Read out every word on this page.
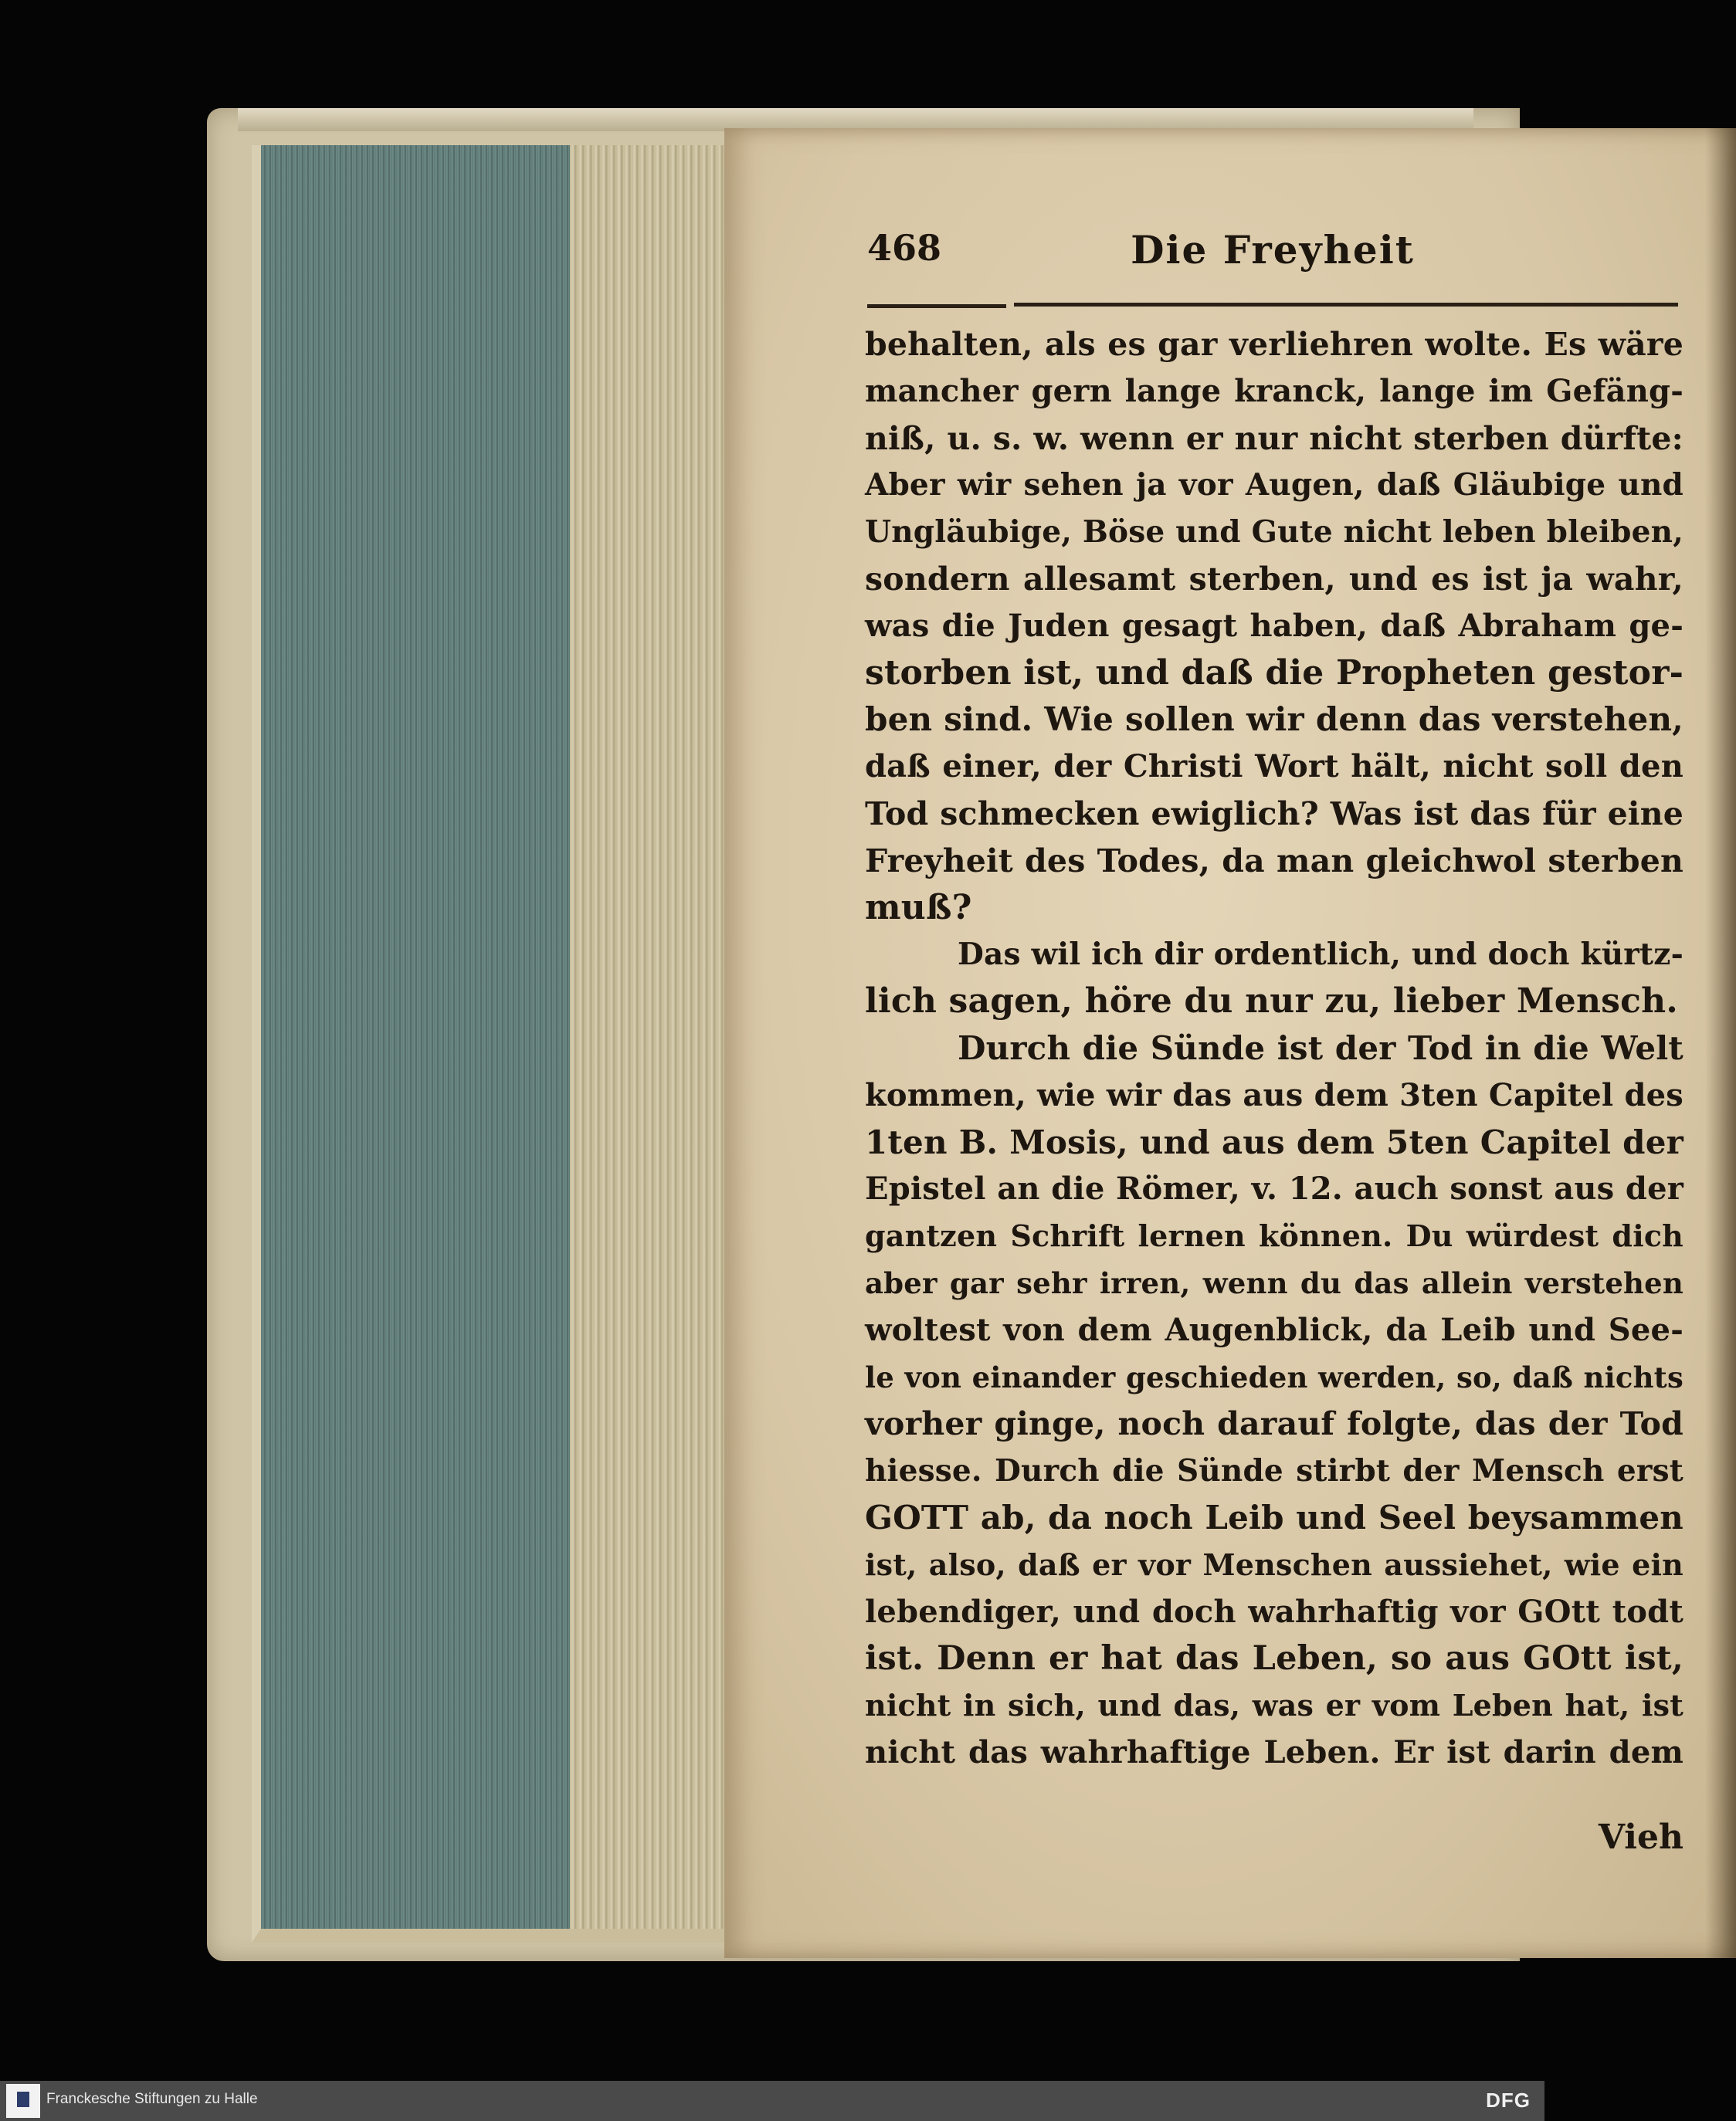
468	Die Freyheit
behalten, als es gar verliehren wolte. Es wäre
mancher gern lange kranck, lange im Gefäng-
niß, u. s. w. wenn er nur nicht sterben dürfte:
Aber wir sehen ja vor Augen, daß Gläubige und
Ungläubige, Böse und Gute nicht leben bleiben,
sondern allesamt sterben, und es ist ja wahr,
was die Juden gesagt haben, daß Abraham ge-
storben ist, und daß die Propheten gestor-
ben sind. Wie sollen wir denn das verstehen,
daß einer, der Christi Wort hält, nicht soll den
Tod schmecken ewiglich? Was ist das für eine
Freyheit des Todes, da man gleichwol sterben
muß?
Das wil ich dir ordentlich, und doch kürtz-
lich sagen, höre du nur zu, lieber Mensch.
Durch die Sünde ist der Tod in die Welt
kommen, wie wir das aus dem 3ten Capitel des
1ten B. Mosis, und aus dem 5ten Capitel der
Epistel an die Römer, v. 12. auch sonst aus der
gantzen Schrift lernen können. Du würdest dich
aber gar sehr irren, wenn du das allein verstehen
woltest von dem Augenblick, da Leib und See-
le von einander geschieden werden, so, daß nichts
vorher ginge, noch darauf folgte, das der Tod
hiesse. Durch die Sünde stirbt der Mensch erst
GOTT ab, da noch Leib und Seel beysammen
ist, also, daß er vor Menschen aussiehet, wie ein
lebendiger, und doch wahrhaftig vor GOtt todt
ist. Denn er hat das Leben, so aus GOtt ist,
nicht in sich, und das, was er vom Leben hat, ist
nicht das wahrhaftige Leben. Er ist darin dem
Vieh
Franckesche Stiftungen zu Halle	DFG
